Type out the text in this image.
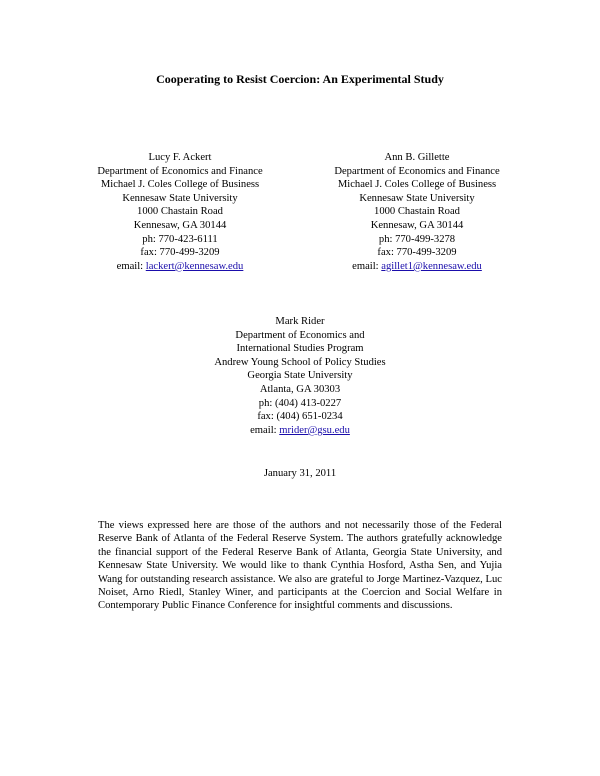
Cooperating to Resist Coercion: An Experimental Study
Lucy F. Ackert
Department of Economics and Finance
Michael J. Coles College of Business
Kennesaw State University
1000 Chastain Road
Kennesaw, GA 30144
ph: 770-423-6111
fax: 770-499-3209
email: lackert@kennesaw.edu
Ann B. Gillette
Department of Economics and Finance
Michael J. Coles College of Business
Kennesaw State University
1000 Chastain Road
Kennesaw, GA 30144
ph: 770-499-3278
fax: 770-499-3209
email: agillet1@kennesaw.edu
Mark Rider
Department of Economics and
International Studies Program
Andrew Young School of Policy Studies
Georgia State University
Atlanta, GA 30303
ph: (404) 413-0227
fax: (404) 651-0234
email: mrider@gsu.edu
January 31, 2011
The views expressed here are those of the authors and not necessarily those of the Federal Reserve Bank of Atlanta of the Federal Reserve System. The authors gratefully acknowledge the financial support of the Federal Reserve Bank of Atlanta, Georgia State University, and Kennesaw State University. We would like to thank Cynthia Hosford, Astha Sen, and Yujia Wang for outstanding research assistance. We also are grateful to Jorge Martinez-Vazquez, Luc Noiset, Arno Riedl, Stanley Winer, and participants at the Coercion and Social Welfare in Contemporary Public Finance Conference for insightful comments and discussions.
